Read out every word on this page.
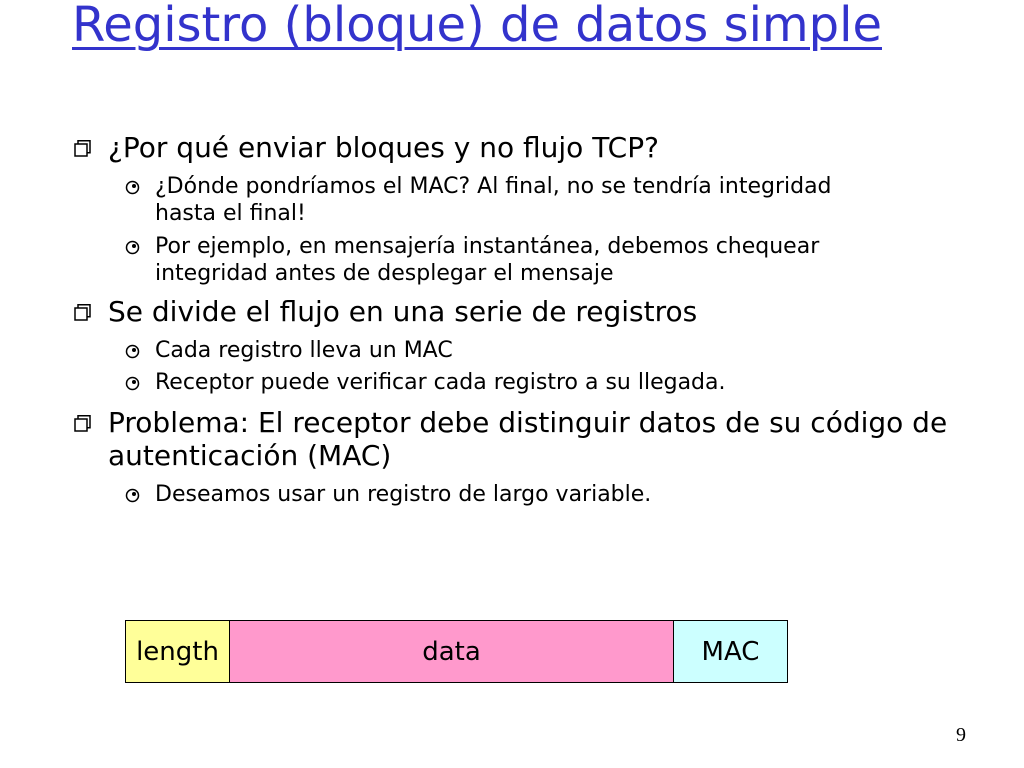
Registro (bloque) de datos simple
¿Por qué enviar bloques y no flujo TCP?
¿Dónde pondríamos el MAC? Al final, no se tendría integridad hasta el final!
Por ejemplo, en mensajería instantánea, debemos chequear integridad antes de desplegar el mensaje
Se divide el flujo en una serie de registros
Cada registro lleva un MAC
Receptor puede verificar cada registro a su llegada.
Problema: El receptor debe distinguir datos de su código de autenticación (MAC)
Deseamos usar un registro de largo variable.
length	data	MAC
9
